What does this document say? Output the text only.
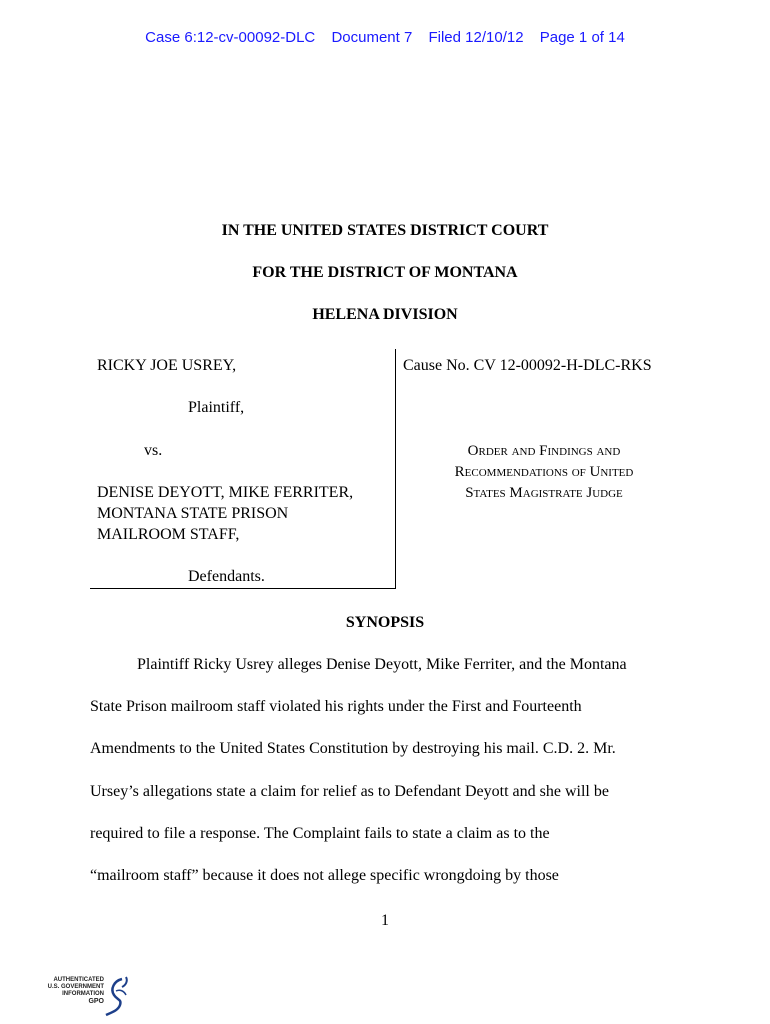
Case 6:12-cv-00092-DLC Document 7 Filed 12/10/12 Page 1 of 14
IN THE UNITED STATES DISTRICT COURT
FOR THE DISTRICT OF MONTANA
HELENA DIVISION
RICKY JOE USREY,
Plaintiff,
vs.
DENISE DEYOTT, MIKE FERRITER,
MONTANA STATE PRISON
MAILROOM STAFF,
Defendants.
Cause No. CV 12-00092-H-DLC-RKS
Order and Findings and
Recommendations of United
States Magistrate Judge
SYNOPSIS
Plaintiff Ricky Usrey alleges Denise Deyott, Mike Ferriter, and the Montana
State Prison mailroom staff violated his rights under the First and Fourteenth
Amendments to the United States Constitution by destroying his mail. C.D. 2. Mr.
Ursey’s allegations state a claim for relief as to Defendant Deyott and she will be
required to file a response. The Complaint fails to state a claim as to the
“mailroom staff” because it does not allege specific wrongdoing by those
1
AUTHENTICATED
U.S. GOVERNMENT
INFORMATION
GPO
